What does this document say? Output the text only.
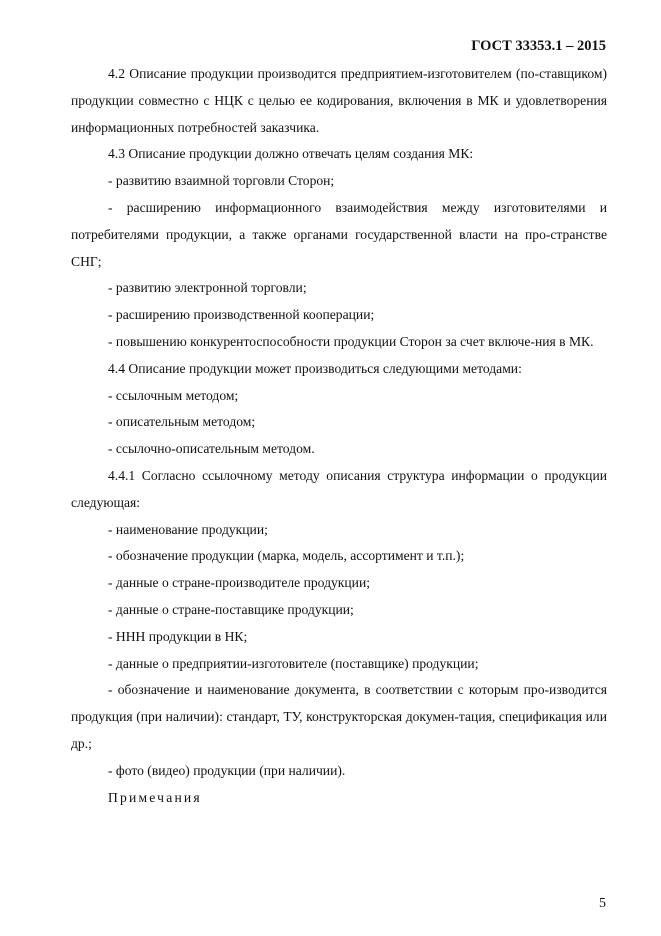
ГОСТ 33353.1 – 2015

4.2 Описание продукции производится предприятием-изготовителем (по-ставщиком) продукции совместно с НЦК с целью ее кодирования, включения в МК и удовлетворения информационных потребностей заказчика.

4.3 Описание продукции должно отвечать целям создания МК:

- развитию взаимной торговли Сторон;

- расширению информационного взаимодействия между изготовителями и потребителями продукции, а также органами государственной власти на про-странстве СНГ;

- развитию электронной торговли;

- расширению производственной кооперации;

- повышению конкурентоспособности продукции Сторон за счет включе-ния в МК.

4.4 Описание продукции может производиться следующими методами:

- ссылочным методом;

- описательным методом;

- ссылочно-описательным методом.

4.4.1 Согласно ссылочному методу описания структура информации о продукции следующая:

- наименование продукции;

- обозначение продукции (марка, модель, ассортимент и т.п.);

- данные о стране-производителе продукции;

- данные о стране-поставщике продукции;

- ННН продукции в НК;

- данные о предприятии-изготовителе (поставщике) продукции;

- обозначение и наименование документа, в соответствии с которым про-изводится продукция (при наличии): стандарт, ТУ, конструкторская докумен-тация, спецификация или др.;

- фото (видео) продукции (при наличии).

Примечания

5
